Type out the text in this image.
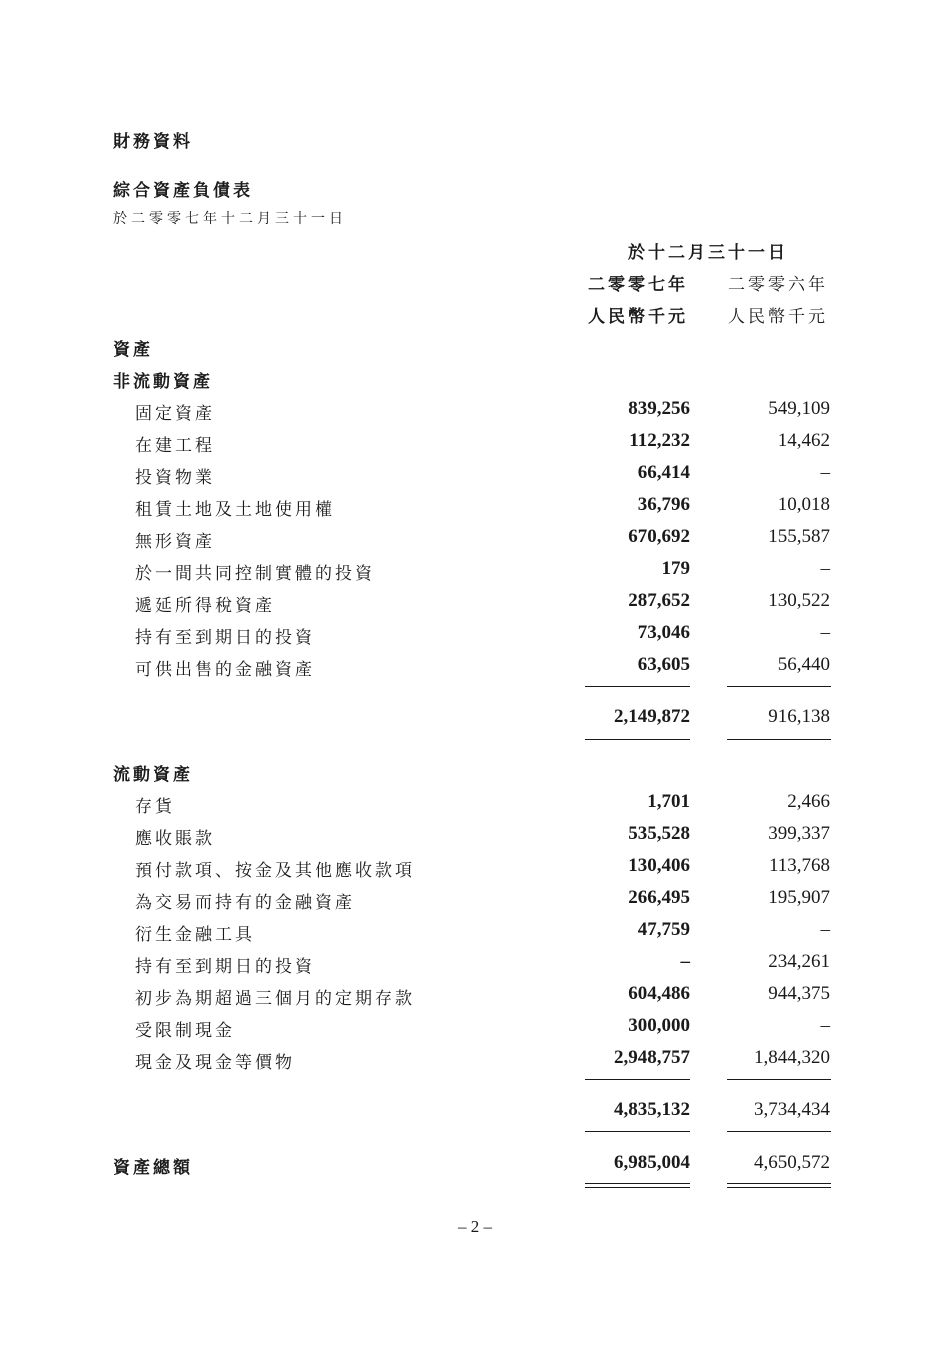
財務資料
綜合資產負債表
於二零零七年十二月三十一日
於十二月三十一日
二零零七年 二零零六年
人民幣千元 人民幣千元
資產
非流動資產
固定資產	839,256	549,109
在建工程	112,232	14,462
投資物業	66,414	–
租賃土地及土地使用權	36,796	10,018
無形資產	670,692	155,587
於一間共同控制實體的投資	179	–
遞延所得稅資產	287,652	130,522
持有至到期日的投資	73,046	–
可供出售的金融資產	63,605	56,440
2,149,872	916,138
流動資產
存貨	1,701	2,466
應收賬款	535,528	399,337
預付款項、按金及其他應收款項	130,406	113,768
為交易而持有的金融資產	266,495	195,907
衍生金融工具	47,759	–
持有至到期日的投資	–	234,261
初步為期超過三個月的定期存款	604,486	944,375
受限制現金	300,000	–
現金及現金等價物	2,948,757	1,844,320
4,835,132	3,734,434
資產總額	6,985,004	4,650,572
– 2 –
